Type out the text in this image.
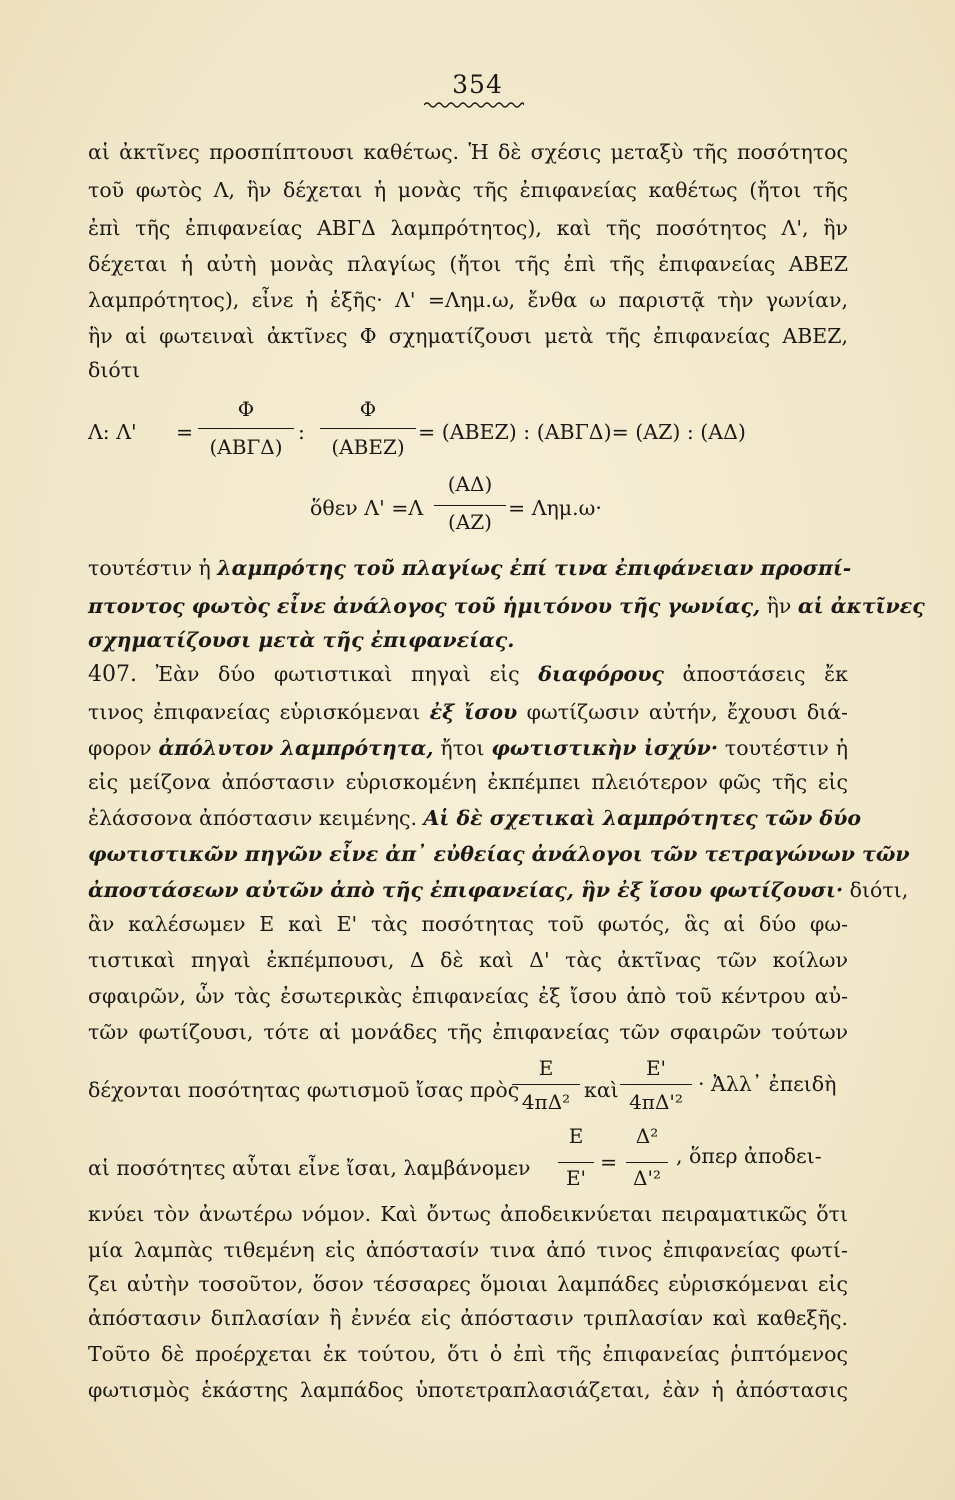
354
αἱ ἀκτῖνες προσπίπτουσι καθέτως. Ἡ δὲ σχέσις μεταξὺ τῆς ποσότητος
τοῦ φωτὸς Λ, ἣν δέχεται ἡ μονὰς τῆς ἐπιφανείας καθέτως (ἤτοι τῆς
ἐπὶ τῆς ἐπιφανείας ΑΒΓΔ λαμπρότητος), καὶ τῆς ποσότητος Λ', ἣν
δέχεται ἡ αὐτὴ μονὰς πλαγίως (ἤτοι τῆς ἐπὶ τῆς ἐπιφανείας ΑΒΕΖ
λαμπρότητος), εἶνε ἡ ἑξῆς· Λ' =Λημ.ω, ἔνθα ω παριστᾷ τὴν γωνίαν,
ἣν αἱ φωτειναὶ ἀκτῖνες Φ σχηματίζουσι μετὰ τῆς ἐπιφανείας ΑΒΕΖ,
διότι
Λ: Λ' =
Φ
(ΑΒΓΔ)
:
Φ
(ΑΒΕΖ)
= (ΑΒΕΖ) : (ΑΒΓΔ)= (ΑΖ) : (ΑΔ)
ὅθεν Λ' =Λ
(ΑΔ)
(ΑΖ)
= Λημ.ω·
τουτέστιν ἡ λαμπρότης τοῦ πλαγίως ἐπί τινα ἐπιφάνειαν προσπί-
πτοντος φωτὸς εἶνε ἀνάλογος τοῦ ἡμιτόνου τῆς γωνίας, ἣν αἱ ἀκτῖνες
σχηματίζουσι μετὰ τῆς ἐπιφανείας.
407. Ἐὰν δύο φωτιστικαὶ πηγαὶ εἰς διαφόρους ἀποστάσεις ἔκ
τινος ἐπιφανείας εὑρισκόμεναι ἐξ ἴσου φωτίζωσιν αὐτήν, ἔχουσι διά-
φορον ἀπόλυτον λαμπρότητα, ἤτοι φωτιστικὴν ἰσχύν· τουτέστιν ἡ
εἰς μείζονα ἀπόστασιν εὑρισκομένη ἐκπέμπει πλειότερον φῶς τῆς εἰς
ἐλάσσονα ἀπόστασιν κειμένης. Αἱ δὲ σχετικαὶ λαμπρότητες τῶν δύο
φωτιστικῶν πηγῶν εἶνε ἀπ᾽ εὐθείας ἀνάλογοι τῶν τετραγώνων τῶν
ἀποστάσεων αὐτῶν ἀπὸ τῆς ἐπιφανείας, ἣν ἐξ ἴσου φωτίζουσι· διότι,
ἂν καλέσωμεν Ε καὶ Ε' τὰς ποσότητας τοῦ φωτός, ἃς αἱ δύο φω-
τιστικαὶ πηγαὶ ἐκπέμπουσι, Δ δὲ καὶ Δ' τὰς ἀκτῖνας τῶν κοίλων
σφαιρῶν, ὧν τὰς ἐσωτερικὰς ἐπιφανείας ἐξ ἴσου ἀπὸ τοῦ κέντρου αὐ-
τῶν φωτίζουσι, τότε αἱ μονάδες τῆς ἐπιφανείας τῶν σφαιρῶν τούτων
δέχονται ποσότητας φωτισμοῦ ἴσας πρὸς
Ε
4πΔ² καὶ
Ε'
4πΔ'²
· Ἀλλ᾽ ἐπειδὴ
αἱ ποσότητες αὗται εἶνε ἴσαι, λαμβάνομεν
Ε
Ε'
=
Δ²
Δ'²
, ὅπερ ἀποδει-
κνύει τὸν ἀνωτέρω νόμον. Καὶ ὄντως ἀποδεικνύεται πειραματικῶς ὅτι
μία λαμπὰς τιθεμένη εἰς ἀπόστασίν τινα ἀπό τινος ἐπιφανείας φωτί-
ζει αὐτὴν τοσοῦτον, ὅσον τέσσαρες ὅμοιαι λαμπάδες εὑρισκόμεναι εἰς
ἀπόστασιν διπλασίαν ἢ ἐννέα εἰς ἀπόστασιν τριπλασίαν καὶ καθεξῆς.
Τοῦτο δὲ προέρχεται ἐκ τούτου, ὅτι ὁ ἐπὶ τῆς ἐπιφανείας ῥιπτόμενος
φωτισμὸς ἑκάστης λαμπάδος ὑποτετραπλασιάζεται, ἐὰν ἡ ἀπόστασις
